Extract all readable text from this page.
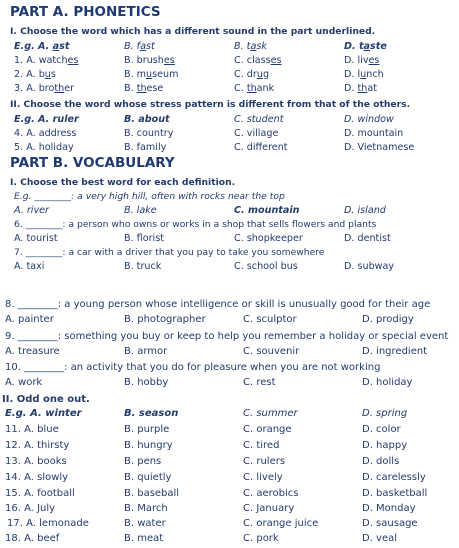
PART A. PHONETICS
I. Choose the word which has a different sound in the part underlined.
E.g. A. ast	B. fast	B. task	D. taste
1. A. watches	B. brushes	C. classes	D. lives
2. A. bus	B. museum	C. drug	D. lunch
3. A. brother	B. these	C. thank	D. that
II. Choose the word whose stress pattern is different from that of the others.
E.g. A. ruler	B. about	C. student	D. window
4. A. address	B. country	C. village	D. mountain
5. A. holiday	B. family	C. different	D. Vietnamese
PART B. VOCABULARY
I. Choose the best word for each definition.
E.g. ________: a very high hill, often with rocks near the top
A. river	B. lake	C. mountain	D. island
6. ________: a person who owns or works in a shop that sells flowers and plants
A. tourist	B. florist	C. shopkeeper	D. dentist
7. ________: a car with a driver that you pay to take you somewhere
A. taxi	B. truck	C. school bus	D. subway
8. ________: a young person whose intelligence or skill is unusually good for their age
A. painter	B. photographer	C. sculptor	D. prodigy
9. ________: something you buy or keep to help you remember a holiday or special event
A. treasure	B. armor	C. souvenir	D. ingredient
10. ________: an activity that you do for pleasure when you are not working
A. work	B. hobby	C. rest	D. holiday
II. Odd one out.
E.g. A. winter	B. season	C. summer	D. spring
11. A. blue	B. purple	C. orange	D. color
12. A. thirsty	B. hungry	C. tired	D. happy
13. A. books	B. pens	C. rulers	D. dolls
14. A. slowly	B. quietly	C. lively	D. carelessly
15. A. football	B. baseball	C. aerobics	D. basketball
16. A. July	B. March	C. January	D. Monday
17. A. lemonade	B. water	C. orange juice	D. sausage
18. A. beef	B. meat	C. pork	D. veal
